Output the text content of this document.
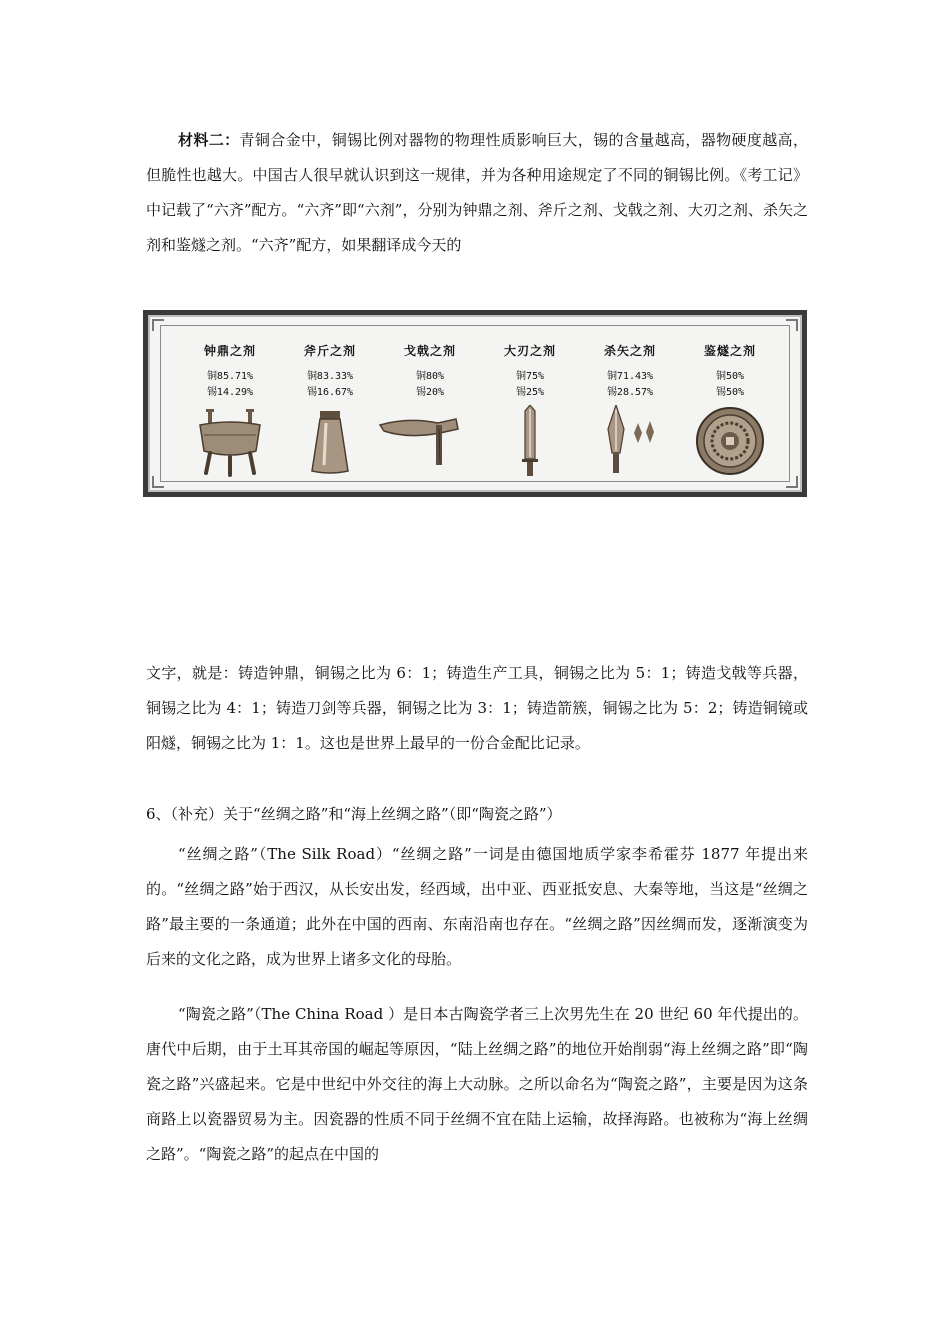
材料二：青铜合金中，铜锡比例对器物的物理性质影响巨大，锡的含量越高，器物硬度越高，但脆性也越大。中国古人很早就认识到这一规律，并为各种用途规定了不同的铜锡比例。《考工记》中记载了“六齐”配方。“六齐”即“六剂”，分别为钟鼎之剂、斧斤之剂、戈戟之剂、大刃之剂、杀矢之剂和鉴燧之剂。“六齐”配方，如果翻译成今天的

钟鼎之剂
铜85.71%
锡14.29%
斧斤之剂
铜83.33%
锡16.67%
戈戟之剂
铜80%
锡20%
大刃之剂
铜75%
锡25%
杀矢之剂
铜71.43%
锡28.57%
鉴燧之剂
铜50%
锡50%

文字，就是：铸造钟鼎，铜锡之比为 6：1；铸造生产工具，铜锡之比为 5：1；铸造戈戟等兵器，铜锡之比为 4：1；铸造刀剑等兵器，铜锡之比为 3：1；铸造箭簇，铜锡之比为 5：2；铸造铜镜或阳燧，铜锡之比为 1：1。这也是世界上最早的一份合金配比记录。

6、（补充）关于“丝绸之路”和“海上丝绸之路”（即“陶瓷之路”）

“丝绸之路”（The Silk Road）“丝绸之路”一词是由德国地质学家李希霍芬 1877 年提出来的。“丝绸之路”始于西汉，从长安出发，经西域，出中亚、西亚抵安息、大秦等地，当这是“丝绸之路”最主要的一条通道；此外在中国的西南、东南沿南也存在。“丝绸之路”因丝绸而发，逐渐演变为后来的文化之路，成为世界上诸多文化的母胎。

“陶瓷之路”（The China Road ）是日本古陶瓷学者三上次男先生在 20 世纪 60 年代提出的。唐代中后期，由于土耳其帝国的崛起等原因，“陆上丝绸之路”的地位开始削弱“海上丝绸之路”即“陶瓷之路”兴盛起来。它是中世纪中外交往的海上大动脉。之所以命名为“陶瓷之路”，主要是因为这条商路上以瓷器贸易为主。因瓷器的性质不同于丝绸不宜在陆上运输，故择海路。也被称为“海上丝绸之路”。“陶瓷之路”的起点在中国的
